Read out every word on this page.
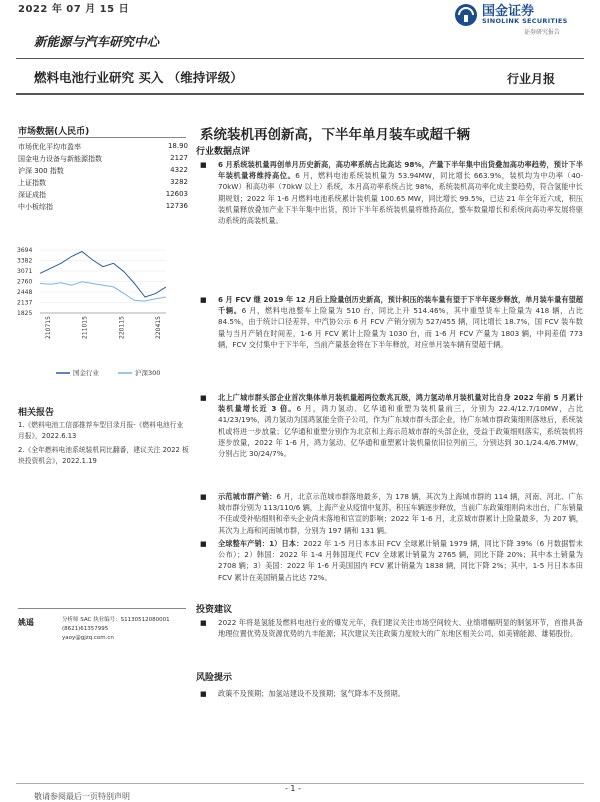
2022 年 07 月 15 日	国金证券
SINOLINK SECURITIES
证券研究报告
新能源与汽车研究中心
燃料电池行业研究 买入 （维持评级）	行业月报
市场数据(人民币)
市场优化平均市盈率	18.90
国金电力设备与新能源指数	2127
沪深 300 指数	4322
上证指数	3282
深证成指	12603
中小板综指	12736
3694
3382
3071
2760
2448
2137
1825
210715	211015	220115	220415
国金行业	沪深300
相关报告
1.《燃料电池工信部推荐车型目录月报-《燃料电池行业月报》，2022.6.13
2.《全年燃料电池系统装机同比翻番，建议关注 2022 板块投资机会》，2022.1.19
姚遥	分析师 SAC 执业编号：S1130512080001
(8621)61357995
yaoy@gjzq.com.cn
系统装机再创新高，下半年单月装车或超千辆
行业数据点评
■ 6 月系统装机量再创单月历史新高，高功率系统占比高达 98%，产量下半年集中出货叠加高功率趋势，预计下半年装机量将维持高位。6 月，燃料电池系统装机量为 53.94MW，同比增长 663.9%，装机均为中功率（40-70kW）和高功率（70kW 以上）系统，本月高功率系统占比 98%，系统装机高功率化成主要趋势，符合氢能中长期规划；2022 年 1-6 月燃料电池系统累计装机量 100.65 MW，同比增长 99.5%，已达 21 年全年近六成，积压装机量释放叠加产业下半年集中出货，预计下半年系统装机量将维持高位，整车数量增长和系统向高功率发展将驱动系统的高装机量。
■ 6 月 FCV 继 2019 年 12 月后上险量创历史新高，预计积压的装车量有望于下半年逐步释放，单月装车量有望超千辆。6 月，燃料电池整车上险量为 510 台，同比上升 514.46%，其中重型货车上险量为 418 辆，占比 84.5%，由于统计口径差异，中汽协公示 6 月 FCV 产销分别为 527/455 辆，同比增长 18.7%，国 FCV 装车数量与当月产销在时间差，1-6 月 FCV 累计上险量为 1030 台，而 1-6 月 FCV 产量为 1803 辆，中间差值 773 辆，FCV 交付集中于下半年，当前产量基金将在下半年释放，对应单月装车辆有望超千辆。
■ 北上广城市群头部企业首次集体单月装机量超两位数兆瓦级，鸿力氢动单月装机量对比自身 2022 年前 5 月累计装机量增长近 3 倍。6 月，鸿力氢动、亿华通和重塑为装机量前三，分别为 22.4/12.7/10MW，占比 41/23/19%，鸿力氢动为国鸿氢能全资子公司，作为广东城市群头部企业，待广东城市群政策细则落地后，系统装机或将进一步放量；亿华通和重塑分别作为北京和上海示范城市群的头部企业，受益于政策细则落实，系统装机将逐步放量，2022 年 1-6 月，鸿力氢动、亿华通和重塑累计装机量依旧位列前三，分别达到 30.1/24.4/6.7MW，分别占比 30/24/7%。
■ 示范城市群产销：6 月，北京示范城市群落地最多，为 178 辆，其次为上海城市群的 114 辆，河南、河北、广东城市群分别为 113/110/6 辆，上海产业从疫情中复苏，积压车辆逐步释放，当前广东政策细则尚未出台，广东销量不佳或受补贴细则和牵头企业尚未落地和官宣的影响；2022 年 1-6 月，北京城市群累计上险量最多，为 207 辆，其次为上海和河南城市群，分别为 197 辆和 131 辆。
■ 全球整车产销：1）日本：2022 年 1-5 月日本本田 FCV 全球累计销量 1979 辆，同比下降 39%（6 月数据暂未公布）；2）韩国：2022 年 1-4 月韩国现代 FCV 全球累计销量为 2765 辆，同比下降 20%；其中本土销量为 2708 辆；3）美国：2022 年 1-6 月美国国内 FCV 累计销量为 1838 辆，同比下降 2%；其中，1-5 月日本本田 FCV 累计在美国销量占比达 72%。
投资建议
■ 2022 年将是氢能及燃料电池行业的爆发元年，我们建议关注市场空间较大、业绩增幅明显的制氢环节，首推具备地理位置优势及资源优势的九丰能源；其次建议关注政策力度较大的广东地区相关公司，如美锦能源、雄韬股份。
风险提示
■ 政策不及预期；加氢站建设不及预期；氢气降本不及预期。
- 1 -
敬请参阅最后一页特别声明
